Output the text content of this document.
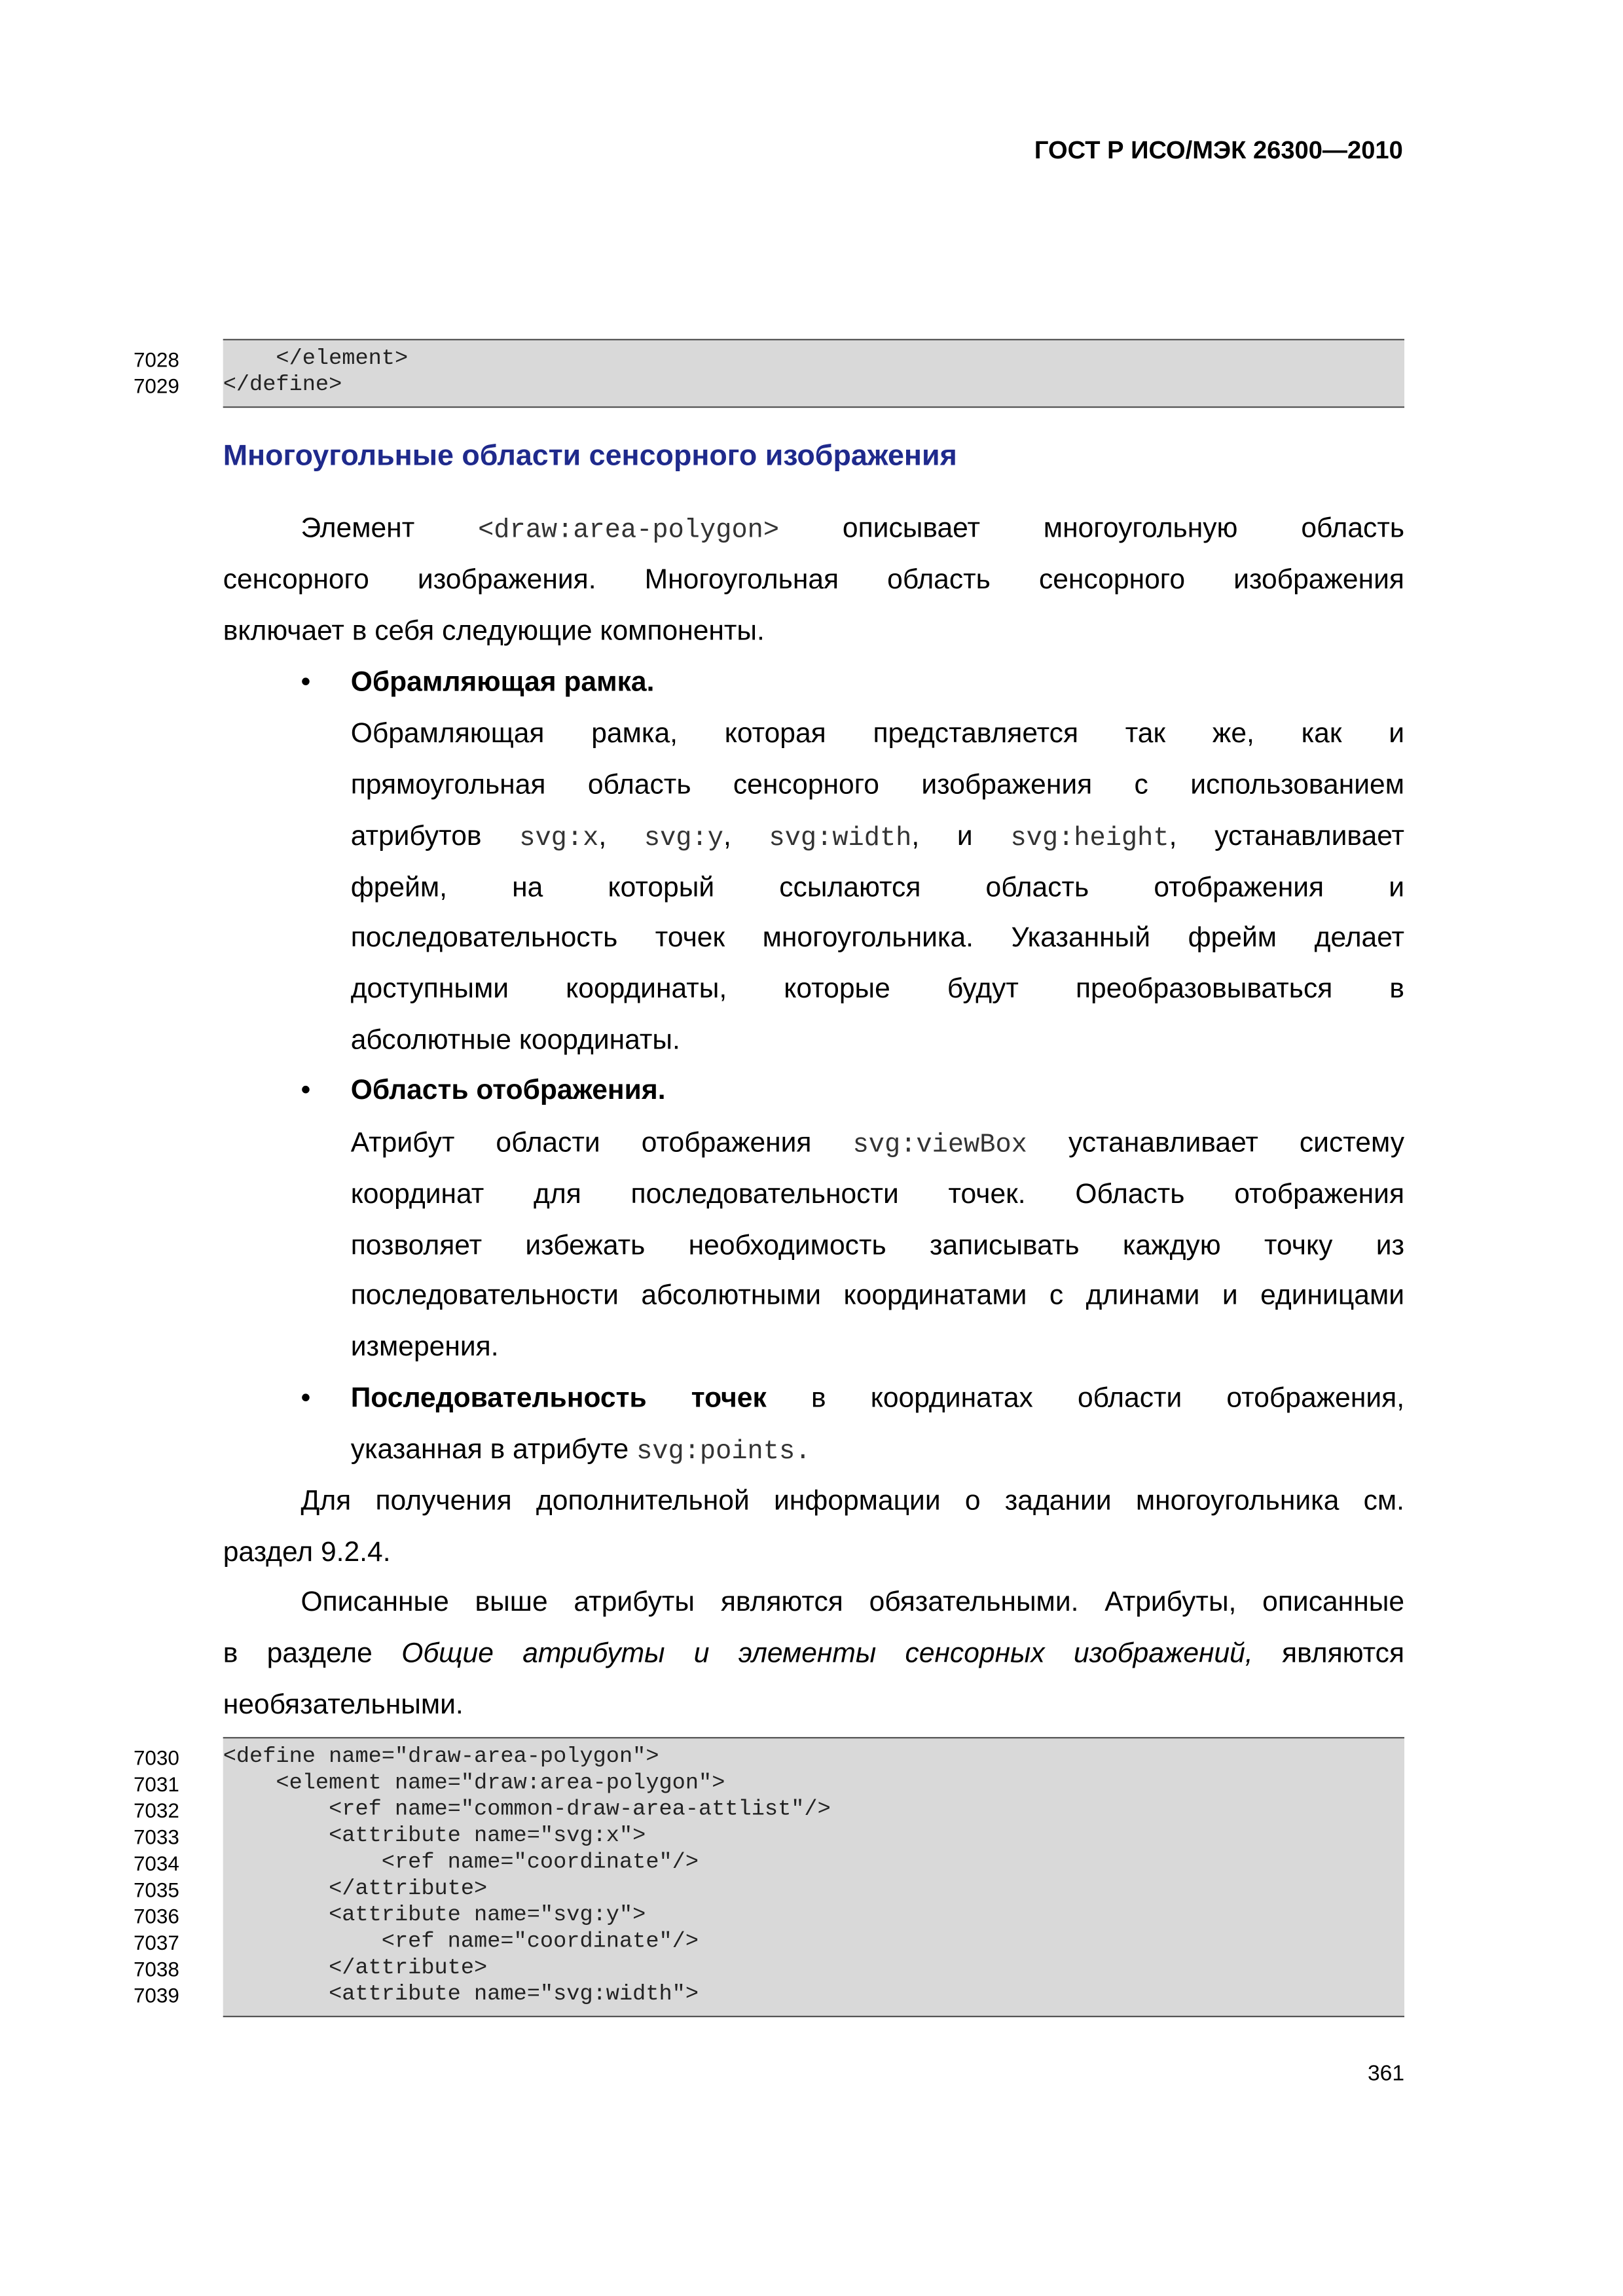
ГОСТ Р ИСО/МЭК 26300—2010
7028	</element>
7029	</define>
Многоугольные области сенсорного изображения
Элемент	<draw:area-polygon>	описывает многоугольную область
сенсорного изображения. Многоугольная область сенсорного изображения
включает в себя следующие компоненты.
•	Обрамляющая рамка.
Обрамляющая рамка, которая представляется так же, как и
прямоугольная область сенсорного изображения с использованием
атрибутов	svg:x,	svg:y,	svg:width, и	svg:height, устанавливает
фрейм, на который ссылаются область отображения и
последовательность точек многоугольника. Указанный фрейм делает
доступными координаты, которые будут преобразовываться в
абсолютные координаты.
•	Область отображения.
Атрибут области отображения	svg:viewBox	устанавливает систему
координат для последовательности точек. Область отображения
позволяет избежать необходимость записывать каждую точку из
последовательности абсолютными координатами с длинами и единицами
измерения.
•	Последовательность точек	в координатах области отображения,
указанная в атрибуте svg:points.
Для получения дополнительной информации о задании многоугольника см.
раздел 9.2.4.
Описанные выше атрибуты являются обязательными. Атрибуты, описанные
в разделе Общие атрибуты и элементы сенсорных изображений, являются
необязательными.
7030	<define name="draw-area-polygon">
7031	<element name="draw:area-polygon">
7032	<ref name="common-draw-area-attlist"/>
7033	<attribute name="svg:x">
7034	<ref name="coordinate"/>
7035	</attribute>
7036	<attribute name="svg:y">
7037	<ref name="coordinate"/>
7038	</attribute>
7039	<attribute name="svg:width">
361
